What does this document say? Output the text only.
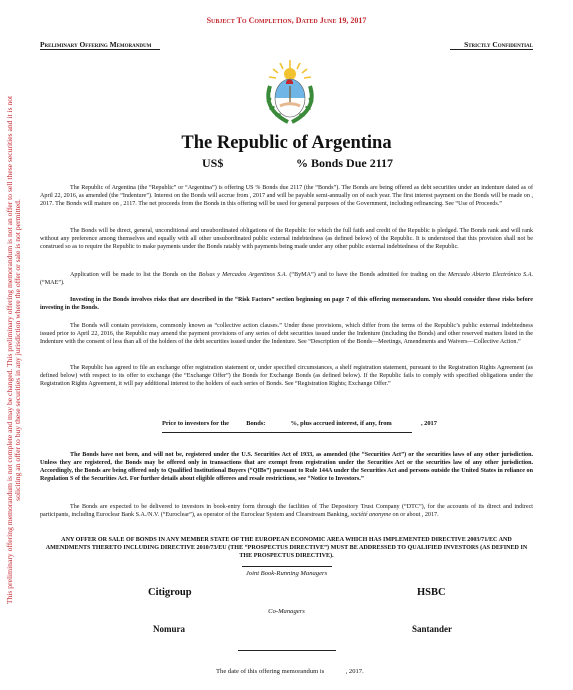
This preliminary offering memorandum is not complete and may be changed. This preliminary offering memorandum is not an offer to sell these securities and it is not soliciting an offer to buy these securities in any jurisdiction where the offer or sale is not permitted.
Subject To Completion, Dated June 19, 2017
Preliminary Offering Memorandum	Strictly Confidential
The Republic of Argentina
US$	% Bonds Due 2117
The Republic of Argentina (the “Republic” or “Argentina”) is offering US % Bonds due 2117 (the “Bonds”). The Bonds are being offered as debt securities under an indenture dated as of April 22, 2016, as amended (the “Indenture”). Interest on the Bonds will accrue from , 2017 and will be payable semi-annually on of each year. The first interest payment on the Bonds will be made on , 2017. The Bonds will mature on , 2117. The net proceeds from the Bonds in this offering will be used for general purposes of the Government, including refinancing. See “Use of Proceeds.”
The Bonds will be direct, general, unconditional and unsubordinated obligations of the Republic for which the full faith and credit of the Republic is pledged. The Bonds rank and will rank without any preference among themselves and equally with all other unsubordinated public external indebtedness (as defined below) of the Republic. It is understood that this provision shall not be construed so as to require the Republic to make payments under the Bonds ratably with payments being made under any other public external indebtedness of the Republic.
Application will be made to list the Bonds on the Bolsas y Mercados Argentinos S.A. (“ByMA”) and to have the Bonds admitted for trading on the Mercado Abierto Electrónico S.A. (“MAE”).
Investing in the Bonds involves risks that are described in the “Risk Factors” section beginning on page 7 of this offering memorandum. You should consider these risks before investing in the Bonds.
The Bonds will contain provisions, commonly known as “collective action clauses.” Under these provisions, which differ from the terms of the Republic’s public external indebtedness issued prior to April 22, 2016, the Republic may amend the payment provisions of any series of debt securities issued under the Indenture (including the Bonds) and other reserved matters listed in the Indenture with the consent of less than all of the holders of the debt securities issued under the Indenture. See “Description of the Bonds—Meetings, Amendments and Waivers—Collective Action.”
The Republic has agreed to file an exchange offer registration statement or, under specified circumstances, a shelf registration statement, pursuant to the Registration Rights Agreement (as defined below) with respect to its offer to exchange (the “Exchange Offer”) the Bonds for Exchange Bonds (as defined below). If the Republic fails to comply with specified obligations under the Registration Rights Agreement, it will pay additional interest to the holders of each series of Bonds. See “Registration Rights; Exchange Offer.”
Price to investors for the	Bonds:	%, plus accrued interest, if any, from	, 2017
The Bonds have not been, and will not be, registered under the U.S. Securities Act of 1933, as amended (the “Securities Act”) or the securities laws of any other jurisdiction. Unless they are registered, the Bonds may be offered only in transactions that are exempt from registration under the Securities Act or the securities law of any other jurisdiction. Accordingly, the Bonds are being offered only to Qualified Institutional Buyers (“QIBs”) pursuant to Rule 144A under the Securities Act and persons outside the United States in reliance on Regulation S of the Securities Act. For further details about eligible offerees and resale restrictions, see “Notice to Investors.”
The Bonds are expected to be delivered to investors in book-entry form through the facilities of The Depository Trust Company (“DTC”), for the accounts of its direct and indirect participants, including Euroclear Bank S.A./N.V. (“Euroclear”), as operator of the Euroclear System and Clearstream Banking, société anonyme on or about , 2017.
ANY OFFER OR SALE OF BONDS IN ANY MEMBER STATE OF THE EUROPEAN ECONOMIC AREA WHICH HAS IMPLEMENTED DIRECTIVE 2003/71/EC AND AMENDMENTS THERETO INCLUDING DIRECTIVE 2010/73/EU (THE “PROSPECTUS DIRECTIVE”) MUST BE ADDRESSED TO QUALIFIED INVESTORS (AS DEFINED IN THE PROSPECTUS DIRECTIVE).
Joint Book-Running Managers
Citigroup	HSBC
Co-Managers
Nomura	Santander
The date of this offering memorandum is	, 2017.
